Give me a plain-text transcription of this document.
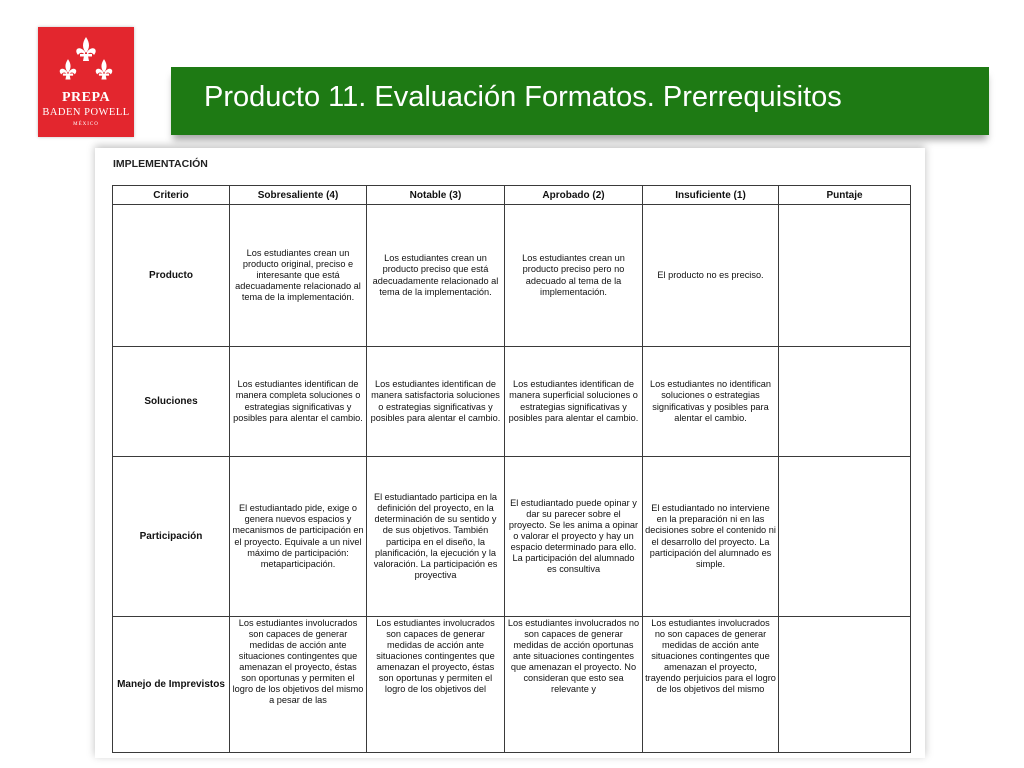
PREPA
BADEN POWELL
MÉXICO
Producto 11. Evaluación Formatos. Prerrequisitos
IMPLEMENTACIÓN
Criterio	Sobresaliente (4)	Notable (3)	Aprobado (2)	Insuficiente (1)	Puntaje
Producto	Los estudiantes crean un producto original, preciso e interesante que está adecuadamente relacionado al tema de la implementación.	Los estudiantes crean un producto preciso que está adecuadamente relacionado al tema de la implementación.	Los estudiantes crean un producto preciso pero no adecuado al tema de la implementación.	El producto no es preciso.	
Soluciones	Los estudiantes identifican de manera completa soluciones o estrategias significativas y posibles para alentar el cambio.	Los estudiantes identifican de manera satisfactoria soluciones o estrategias significativas y posibles para alentar el cambio.	Los estudiantes identifican de manera superficial soluciones o estrategias significativas y posibles para alentar el cambio.	Los estudiantes no identifican soluciones o estrategias significativas y posibles para alentar el cambio.	
Participación	El estudiantado pide, exige o genera nuevos espacios y mecanismos de participación en el proyecto. Equivale a un nivel máximo de participación: metaparticipación.	El estudiantado participa en la definición del proyecto, en la determinación de su sentido y de sus objetivos. También participa en el diseño, la planificación, la ejecución y la valoración. La participación es proyectiva	El estudiantado puede opinar y dar su parecer sobre el proyecto. Se les anima a opinar o valorar el proyecto y hay un espacio determinado para ello. La participación del alumnado es consultiva	El estudiantado no interviene en la preparación ni en las decisiones sobre el contenido ni el desarrollo del proyecto. La participación del alumnado es simple.	
Manejo de Imprevistos	Los estudiantes involucrados son capaces de generar medidas de acción ante situaciones contingentes que amenazan el proyecto, éstas son oportunas y permiten el logro de los objetivos del mismo a pesar de las	Los estudiantes involucrados son capaces de generar medidas de acción ante situaciones contingentes que amenazan el proyecto, éstas son oportunas y permiten el logro de los objetivos del	Los estudiantes involucrados no son capaces de generar medidas de acción oportunas ante situaciones contingentes que amenazan el proyecto. No consideran que esto sea relevante y	Los estudiantes involucrados no son capaces de generar medidas de acción ante situaciones contingentes que amenazan el proyecto, trayendo perjuicios para el logro de los objetivos del mismo	
